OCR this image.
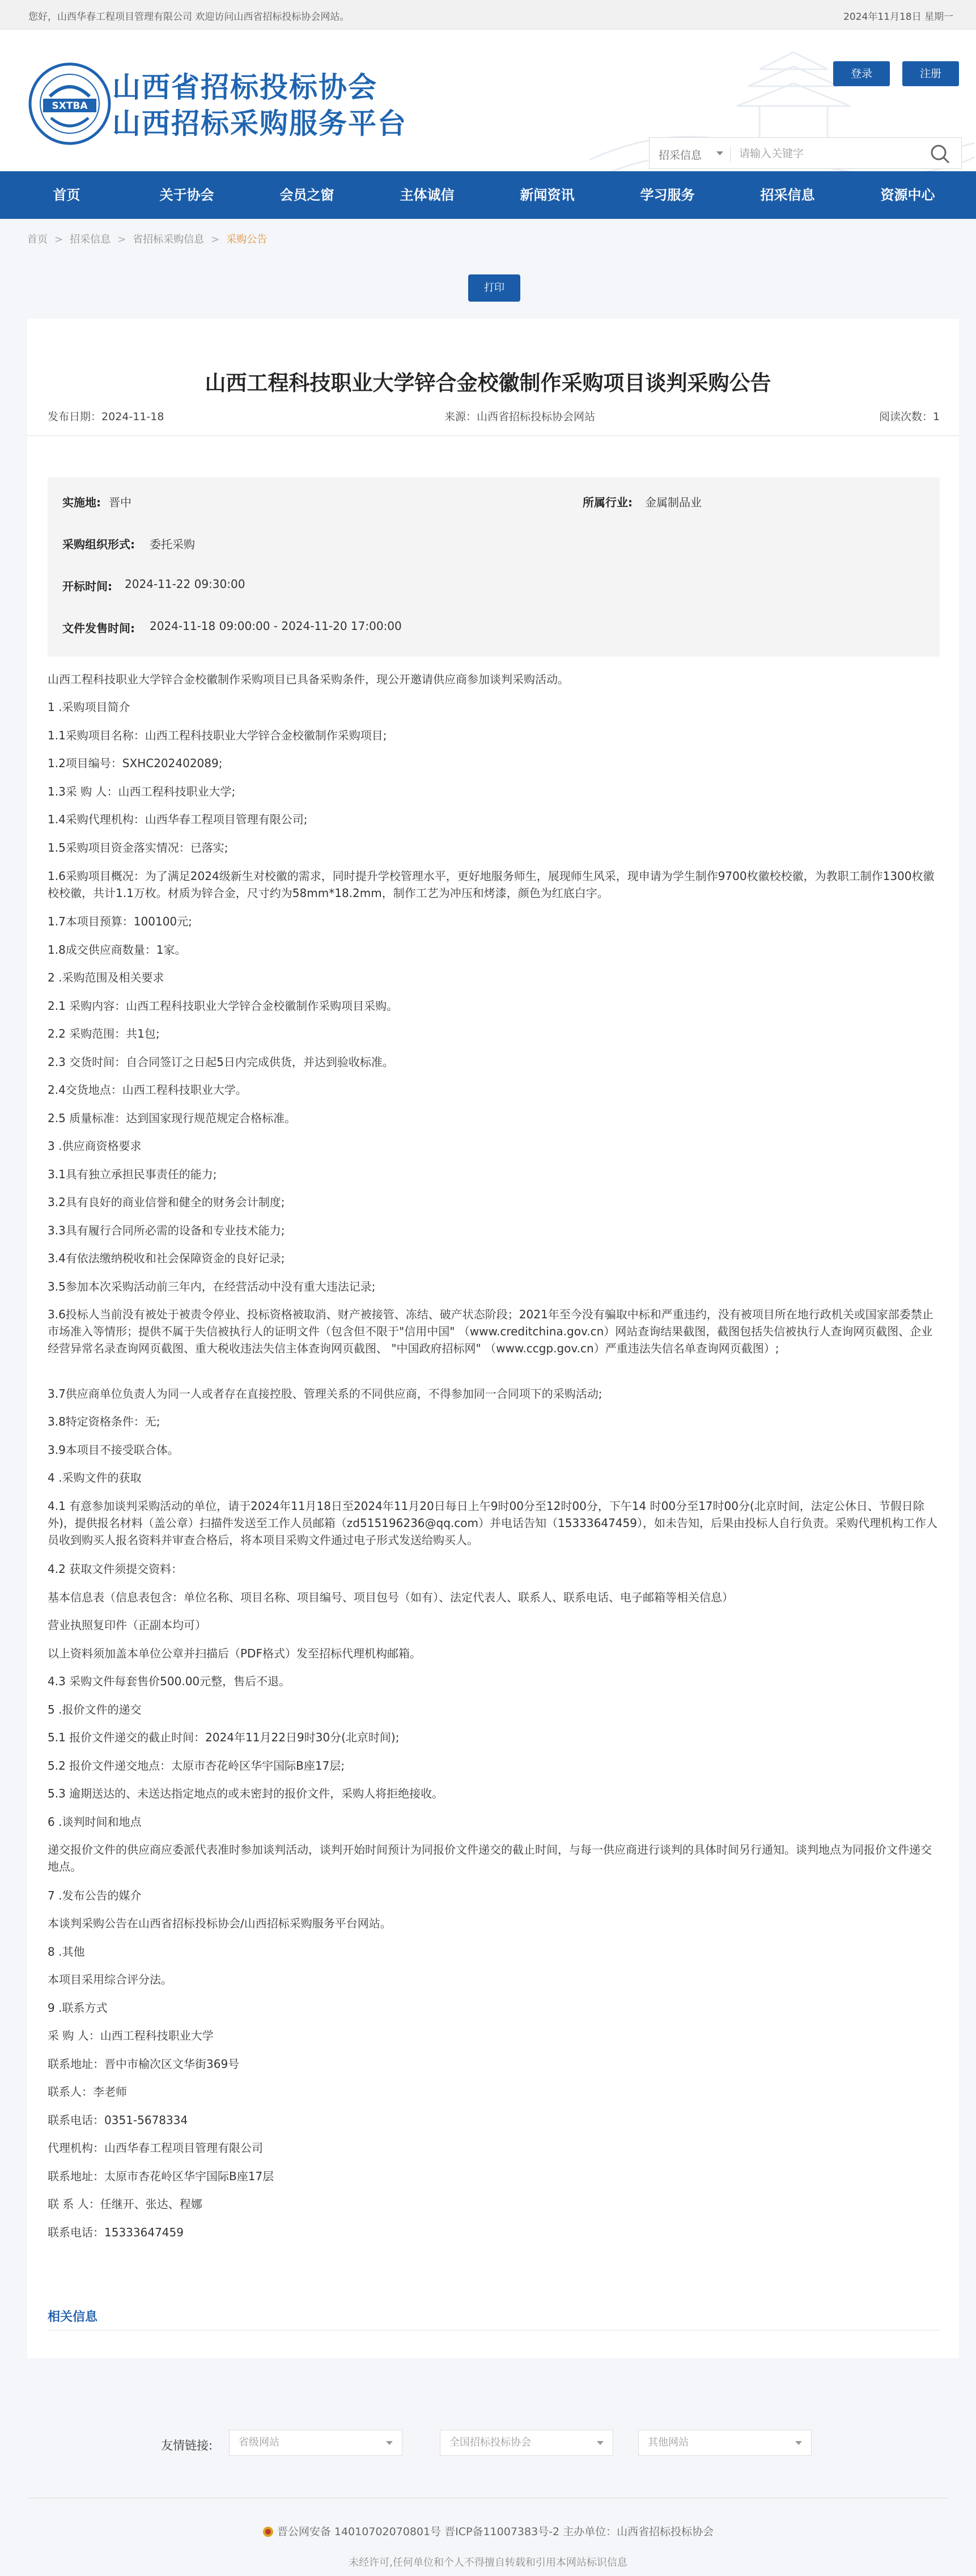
您好，山西华春工程项目管理有限公司 欢迎访问山西省招标投标协会网站。	2024年11月18日 星期一
SXTBA
山西省招标投标协会
山西招标采购服务平台
登录	注册
招采信息
请输入关键字
首页	关于协会	会员之窗	主体诚信	新闻资讯	学习服务	招采信息	资源中心
首页 > 招采信息 > 省招标采购信息 > 采购公告
打印
山西工程科技职业大学锌合金校徽制作采购项目谈判采购公告
发布日期：2024-11-18	来源：山西省招标投标协会网站	阅读次数：1
实施地: 晋中	所属行业: 金属制品业
采购组织形式: 委托采购
开标时间: 2024-11-22 09:30:00
文件发售时间: 2024-11-18 09:00:00 - 2024-11-20 17:00:00
山西工程科技职业大学锌合金校徽制作采购项目已具备采购条件，现公开邀请供应商参加谈判采购活动。
1 .采购项目简介
1.1采购项目名称：山西工程科技职业大学锌合金校徽制作采购项目;
1.2项目编号：SXHC202402089;
1.3采 购 人：山西工程科技职业大学;
1.4采购代理机构：山西华春工程项目管理有限公司;
1.5采购项目资金落实情况：已落实;
1.6采购项目概况：为了满足2024级新生对校徽的需求，同时提升学校管理水平，更好地服务师生，展现师生风采，现申请为学生制作9700枚徽校校徽，为教职工制作1300枚徽校校徽，共计1.1万枚。材质为锌合金，尺寸约为58mm*18.2mm，制作工艺为冲压和烤漆，颜色为红底白字。
1.7本项目预算：100100元;
1.8成交供应商数量：1家。
2 .采购范围及相关要求
2.1 采购内容：山西工程科技职业大学锌合金校徽制作采购项目采购。
2.2 采购范围：共1包;
2.3 交货时间：自合同签订之日起5日内完成供货，并达到验收标准。
2.4交货地点：山西工程科技职业大学。
2.5 质量标准：达到国家现行规范规定合格标准。
3 .供应商资格要求
3.1具有独立承担民事责任的能力;
3.2具有良好的商业信誉和健全的财务会计制度;
3.3具有履行合同所必需的设备和专业技术能力;
3.4有依法缴纳税收和社会保障资金的良好记录;
3.5参加本次采购活动前三年内，在经营活动中没有重大违法记录;
3.6投标人当前没有被处于被责令停业、投标资格被取消、财产被接管、冻结、破产状态阶段；2021年至今没有骗取中标和严重违约，没有被项目所在地行政机关或国家部委禁止市场准入等情形；提供不属于失信被执行人的证明文件（包含但不限于"信用中国" （www.creditchina.gov.cn）网站查询结果截图，截图包括失信被执行人查询网页截图、企业经营异常名录查询网页截图、重大税收违法失信主体查询网页截图、 "中国政府招标网" （www.ccgp.gov.cn）严重违法失信名单查询网页截图）;
3.7供应商单位负责人为同一人或者存在直接控股、管理关系的不同供应商，不得参加同一合同项下的采购活动;
3.8特定资格条件：无;
3.9本项目不接受联合体。
4 .采购文件的获取
4.1 有意参加谈判采购活动的单位，请于2024年11月18日至2024年11月20日每日上午9时00分至12时00分，下午14 时00分至17时00分(北京时间，法定公休日、节假日除外)，提供报名材料（盖公章）扫描件发送至工作人员邮箱（zd515196236@qq.com）并电话告知（15333647459），如未告知，后果由投标人自行负责。采购代理机构工作人员收到购买人报名资料并审查合格后，将本项目采购文件通过电子形式发送给购买人。
4.2 获取文件须提交资料：
基本信息表（信息表包含：单位名称、项目名称、项目编号、项目包号（如有）、法定代表人、联系人、联系电话、电子邮箱等相关信息）
营业执照复印件（正副本均可）
以上资料须加盖本单位公章并扫描后（PDF格式）发至招标代理机构邮箱。
4.3 采购文件每套售价500.00元整，售后不退。
5 .报价文件的递交
5.1 报价文件递交的截止时间：2024年11月22日9时30分(北京时间);
5.2 报价文件递交地点：太原市杏花岭区华宇国际B座17层;
5.3 逾期送达的、未送达指定地点的或未密封的报价文件，采购人将拒绝接收。
6 .谈判时间和地点
递交报价文件的供应商应委派代表准时参加谈判活动，谈判开始时间预计为同报价文件递交的截止时间，与每一供应商进行谈判的具体时间另行通知。谈判地点为同报价文件递交地点。
7 .发布公告的媒介
本谈判采购公告在山西省招标投标协会/山西招标采购服务平台网站。
8 .其他
本项目采用综合评分法。
9 .联系方式
采 购 人：山西工程科技职业大学
联系地址：晋中市榆次区文华街369号
联系人：李老师
联系电话：0351-5678334
代理机构：山西华春工程项目管理有限公司
联系地址：太原市杏花岭区华宇国际B座17层
联 系 人：任继开、张达、程娜
联系电话：15333647459
相关信息
友情链接:	省级网站	全国招标投标协会	其他网站
晋公网安备 14010702070801号 晋ICP备11007383号-2 主办单位：山西省招标投标协会
未经许可,任何单位和个人不得擅自转载和引用本网站标识信息
